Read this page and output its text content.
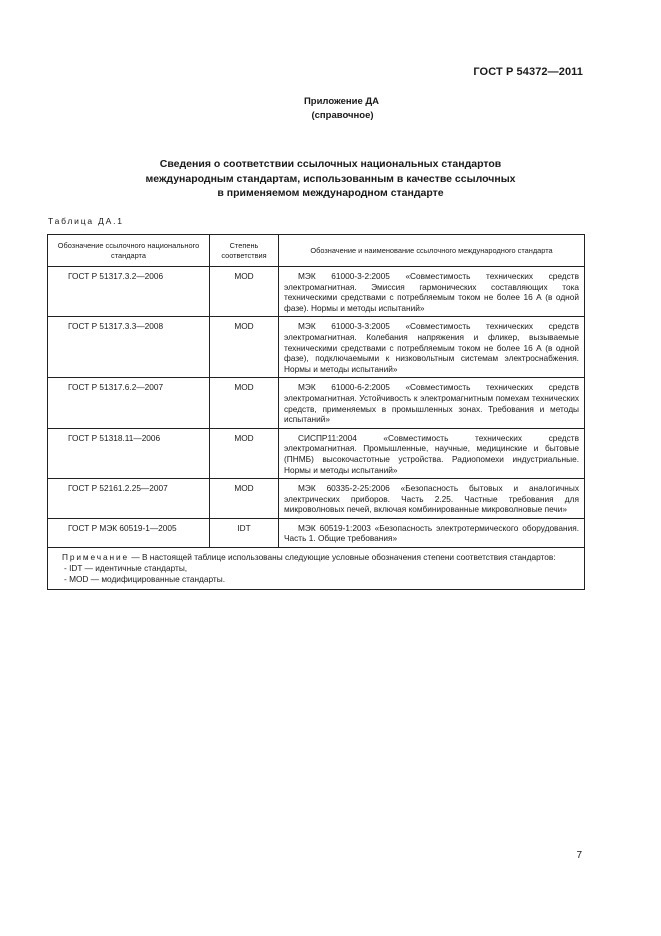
ГОСТ Р 54372—2011
Приложение ДА
(справочное)
Сведения о соответствии ссылочных национальных стандартов
международным стандартам, использованным в качестве ссылочных
в применяемом международном стандарте
Таблица ДА.1
Обозначение ссылочного национального стандарта	Степень соответствия	Обозначение и наименование ссылочного международного стандарта
ГОСТ Р 51317.3.2—2006	MOD	МЭК 61000-3-2:2005 «Совместимость технических средств электромагнитная. Эмиссия гармонических составляющих тока техническими средствами с потребляемым током не более 16 А (в одной фазе). Нормы и методы испытаний»
ГОСТ Р 51317.3.3—2008	MOD	МЭК 61000-3-3:2005 «Совместимость технических средств электромагнитная. Колебания напряжения и фликер, вызываемые техническими средствами с потребляемым током не более 16 А (в одной фазе), подключаемыми к низковольтным системам электроснабжения. Нормы и методы испытаний»
ГОСТ Р 51317.6.2—2007	MOD	МЭК 61000-6-2:2005 «Совместимость технических средств электромагнитная. Устойчивость к электромагнитным помехам технических средств, применяемых в промышленных зонах. Требования и методы испытаний»
ГОСТ Р 51318.11—2006	MOD	СИСПР11:2004 «Совместимость технических средств электромагнитная. Промышленные, научные, медицинские и бытовые (ПНМБ) высокочастотные устройства. Радиопомехи индустриальные. Нормы и методы испытаний»
ГОСТ Р 52161.2.25—2007	MOD	МЭК 60335-2-25:2006 «Безопасность бытовых и аналогичных электрических приборов. Часть 2.25. Частные требования для микроволновых печей, включая комбинированные микроволновые печи»
ГОСТ Р МЭК 60519-1—2005	IDT	МЭК 60519-1:2003 «Безопасность электротермического оборудования. Часть 1. Общие требования»
Примечание — В настоящей таблице использованы следующие условные обозначения степени соответствия стандартов:
- IDT — идентичные стандарты,
- MOD — модифицированные стандарты.		
7
